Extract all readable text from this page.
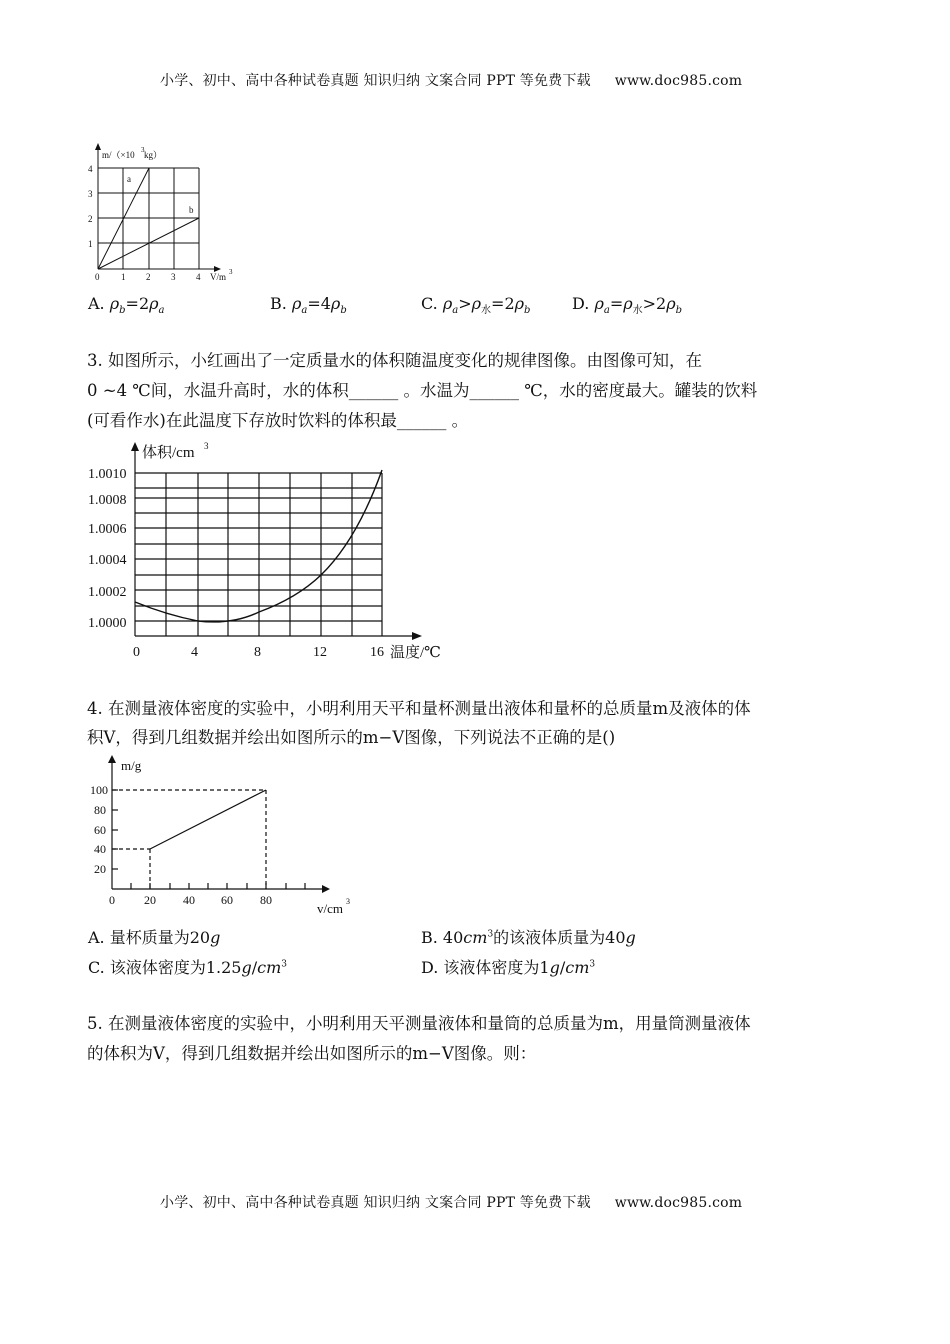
小学、初中、高中各种试卷真题 知识归纳 文案合同 PPT 等免费下载 www.doc985.com
m/（×10 3 kg）
4
3
2
1
0 1 2 3 4 V/m 3
a
b
A. $\rho_b=2\rho_a$	B. $\rho_a=4\rho_b$	C. $\rho_a>\rho_水=2\rho_b$	D. $\rho_a=\rho_水>2\rho_b$
3. 如图所示，小红画出了一定质量水的体积随温度变化的规律图像。由图像可知，在
0 ~4 ℃间，水温升高时，水的体积______ 。水温为______ ℃，水的密度最大。罐装的饮料
(可看作水)在此温度下存放时饮料的体积最______ 。
体积/cm 3
1.0010
1.0008
1.0006
1.0004
1.0002
1.0000
0	4	8	12	16 温度/℃
4. 在测量液体密度的实验中，小明利用天平和量杯测量出液体和量杯的总质量m及液体的体
积V，得到几组数据并绘出如图所示的m−V图像，下列说法不正确的是()
m/g
100
80
60
40
20
0 20 40 60 80
v/cm 3
A. 量杯质量为20g	B. $40cm^3$的该液体质量为40g
C. 该液体密度为$1.25g/cm^3$	D. 该液体密度为$1g/cm^3$
5. 在测量液体密度的实验中，小明利用天平测量液体和量筒的总质量为m，用量筒测量液体
的体积为V，得到几组数据并绘出如图所示的m−V图像。则：
小学、初中、高中各种试卷真题 知识归纳 文案合同 PPT 等免费下载 www.doc985.com
